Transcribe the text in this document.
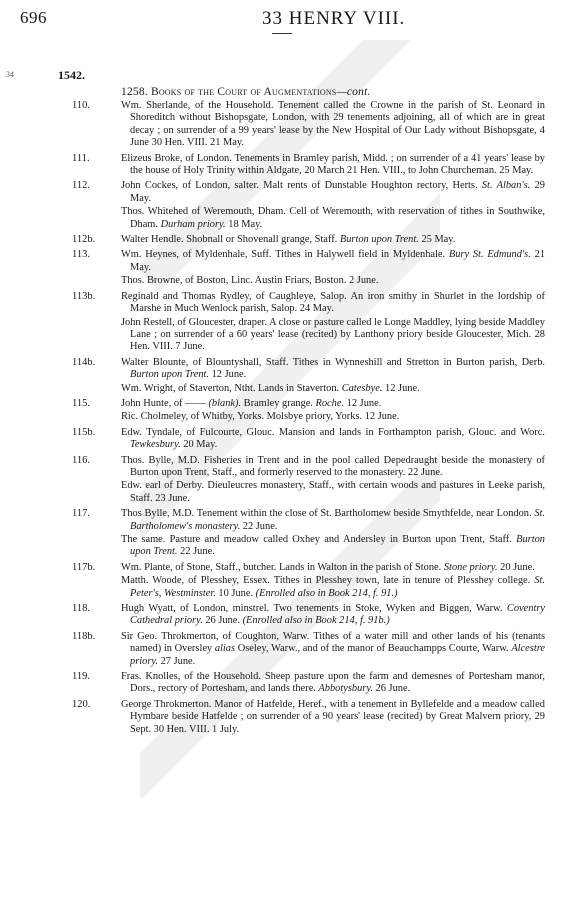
696	33 HENRY VIII.
34	1542.
1258. Books of the Court of Augmentations—cont.
110.	Wm. Sherlande, of the Household. Tenement called the Crowne in the parish of St. Leonard in Shoreditch without Bishopsgate, London, with 29 tenements adjoining, all of which are in great decay ; on surrender of a 99 years' lease by the New Hospital of Our Lady without Bishopsgate, 4 June 30 Hen. VIII. 21 May.

111.	Elizeus Broke, of London. Tenements in Bramley parish, Midd. ; on surrender of a 41 years' lease by the house of Holy Trinity within Aldgate, 20 March 21 Hen. VIII., to John Churcheman. 25 May.

112.	John Cockes, of London, salter. Malt rents of Dunstable Houghton rectory, Herts. St. Alban's. 29 May.

Thos. Whitehed of Weremouth, Dham. Cell of Weremouth, with reservation of tithes in Southwike, Dham. Durham priory. 18 May.

112b.	Walter Hendle. Shobnall or Shovenall grange, Staff. Burton upon Trent. 25 May.

113.	Wm. Heynes, of Myldenhale, Suff. Tithes in Halywell field in Myldenhale. Bury St. Edmund's. 21 May.

Thos. Browne, of Boston, Linc. Austin Friars, Boston. 2 June.

113b.	Reginald and Thomas Rydley, of Caughleye, Salop. An iron smithy in Shurlet in the lordship of Marshe in Much Wenlock parish, Salop. 24 May.

John Restell, of Gloucester, draper. A close or pasture called le Longe Maddley, lying beside Maddley Lane ; on surrender of a 60 years' lease (recited) by Lanthony priory beside Gloucester, Mich. 28 Hen. VIII. 7 June.

114b.	Walter Blounte, of Blountyshall, Staff. Tithes in Wynneshill and Stretton in Burton parish, Derb. Burton upon Trent. 12 June.

Wm. Wright, of Staverton, Ntht. Lands in Staverton. Catesbye. 12 June.

115.	John Hunte, of —— (blank). Bramley grange. Roche. 12 June.

Ric. Cholmeley, of Whitby, Yorks. Molsbye priory, Yorks. 12 June.

115b.	Edw. Tyndale, of Fulcourte, Glouc. Mansion and lands in Forthampton parish, Glouc. and Worc. Tewkesbury. 20 May.

116.	Thos. Bylle, M.D. Fisheries in Trent and in the pool called Depedraught beside the monastery of Burton upon Trent, Staff., and formerly reserved to the monastery. 22 June.

Edw. earl of Derby. Dieuleucres monastery, Staff., with certain woods and pastures in Leeke parish, Staff. 23 June.

117.	Thos Bylle, M.D. Tenement within the close of St. Bartholomew beside Smythfelde, near London. St. Bartholomew's monastery. 22 June.

The same. Pasture and meadow called Oxhey and Andersley in Burton upon Trent, Staff. Burton upon Trent. 22 June.

117b.	Wm. Plante, of Stone, Staff., butcher. Lands in Walton in the parish of Stone. Stone priory. 20 June.

Matth. Woode, of Plesshey, Essex. Tithes in Plesshey town, late in tenure of Plesshey college. St. Peter's, Westminster. 10 June. (Enrolled also in Book 214, f. 91.)

118.	Hugh Wyatt, of London, minstrel. Two tenements in Stoke, Wyken and Biggen, Warw. Coventry Cathedral priory. 26 June. (Enrolled also in Book 214, f. 91b.)

118b.	Sir Geo. Throkmerton, of Coughton, Warw. Tithes of a water mill and other lands of his (tenants named) in Oversley alias Oseley, Warw., and of the manor of Beauchampps Courte, Warw. Alcestre priory. 27 June.

119.	Fras. Knolles, of the Household. Sheep pasture upon the farm and demesnes of Portesham manor, Dors., rectory of Portesham, and lands there. Abbotysbury. 26 June.

120.	George Throkmerton. Manor of Hatfelde, Heref., with a tenement in Byllefelde and a meadow called Hymbare beside Hatfelde ; on surrender of a 90 years' lease (recited) by Great Malvern priory, 29 Sept. 30 Hen. VIII. 1 July.
